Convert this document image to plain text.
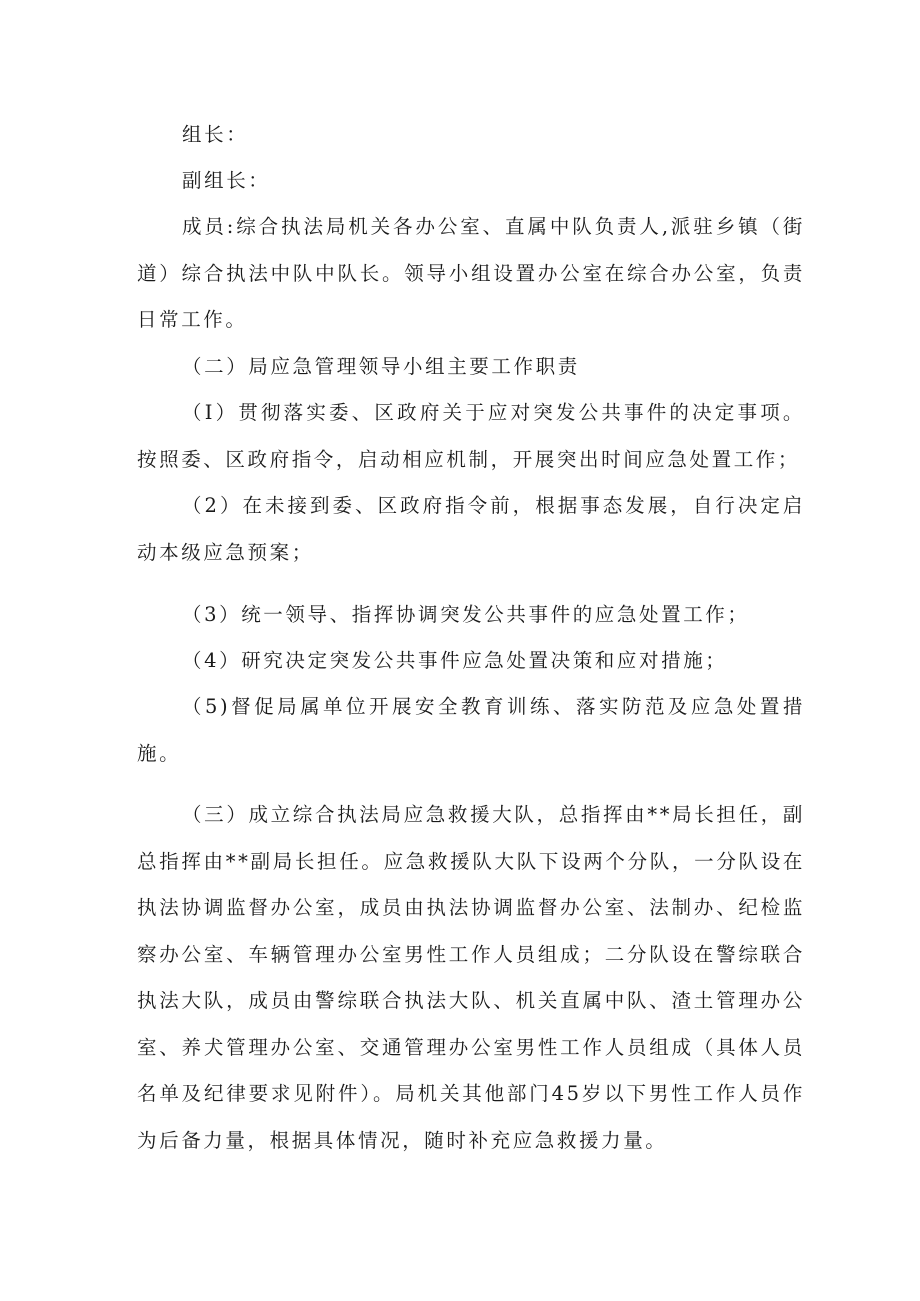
组长：

副组长：

成员:综合执法局机关各办公室、直属中队负责人,派驻乡镇（街道）综合执法中队中队长。领导小组设置办公室在综合办公室，负责日常工作。

（二）局应急管理领导小组主要工作职责

（I）贯彻落实委、区政府关于应对突发公共事件的决定事项。按照委、区政府指令，启动相应机制，开展突出时间应急处置工作；

（2）在未接到委、区政府指令前，根据事态发展，自行决定启动本级应急预案；

（3）统一领导、指挥协调突发公共事件的应急处置工作；

（4）研究决定突发公共事件应急处置决策和应对措施；

（5)督促局属单位开展安全教育训练、落实防范及应急处置措施。

（三）成立综合执法局应急救援大队，总指挥由**局长担任，副总指挥由**副局长担任。应急救援队大队下设两个分队，一分队设在执法协调监督办公室，成员由执法协调监督办公室、法制办、纪检监察办公室、车辆管理办公室男性工作人员组成；二分队设在警综联合执法大队，成员由警综联合执法大队、机关直属中队、渣土管理办公室、养犬管理办公室、交通管理办公室男性工作人员组成（具体人员名单及纪律要求见附件）。局机关其他部门45岁以下男性工作人员作为后备力量，根据具体情况，随时补充应急救援力量。
